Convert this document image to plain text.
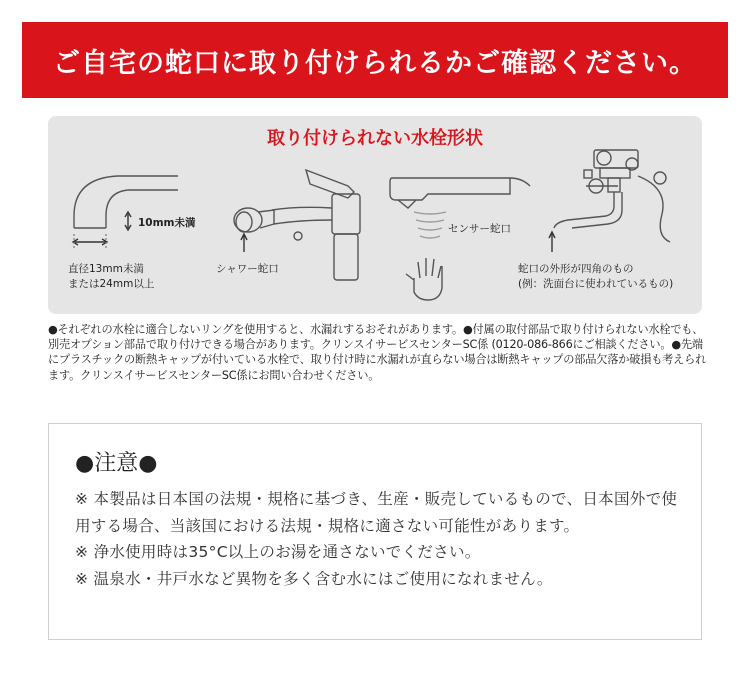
ご自宅の蛇口に取り付けられるかご確認ください。
取り付けられない水栓形状
10mm未満
直径13mm未満
または24mm以上
シャワー蛇口
センサー蛇口
蛇口の外形が四角のもの
(例：洗面台に使われているもの)
●それぞれの水栓に適合しないリングを使用すると、水漏れするおそれがあります。●付属の取付部品で取り付けられない水栓でも、別売オプション部品で取り付けできる場合があります。クリンスイサービスセンターSC係 (0120-086-866にご相談ください。●先端にプラスチックの断熱キャップが付いている水栓で、取り付け時に水漏れが直らない場合は断熱キャップの部品欠落か破損も考えられます。クリンスイサービスセンターSC係にお問い合わせください。
●注意●

※ 本製品は日本国の法規・規格に基づき、生産・販売しているもので、日本国外で使用する場合、当該国における法規・規格に適さない可能性があります。

※ 浄水使用時は35°C以上のお湯を通さないでください。

※ 温泉水・井戸水など異物を多く含む水にはご使用になれません。
